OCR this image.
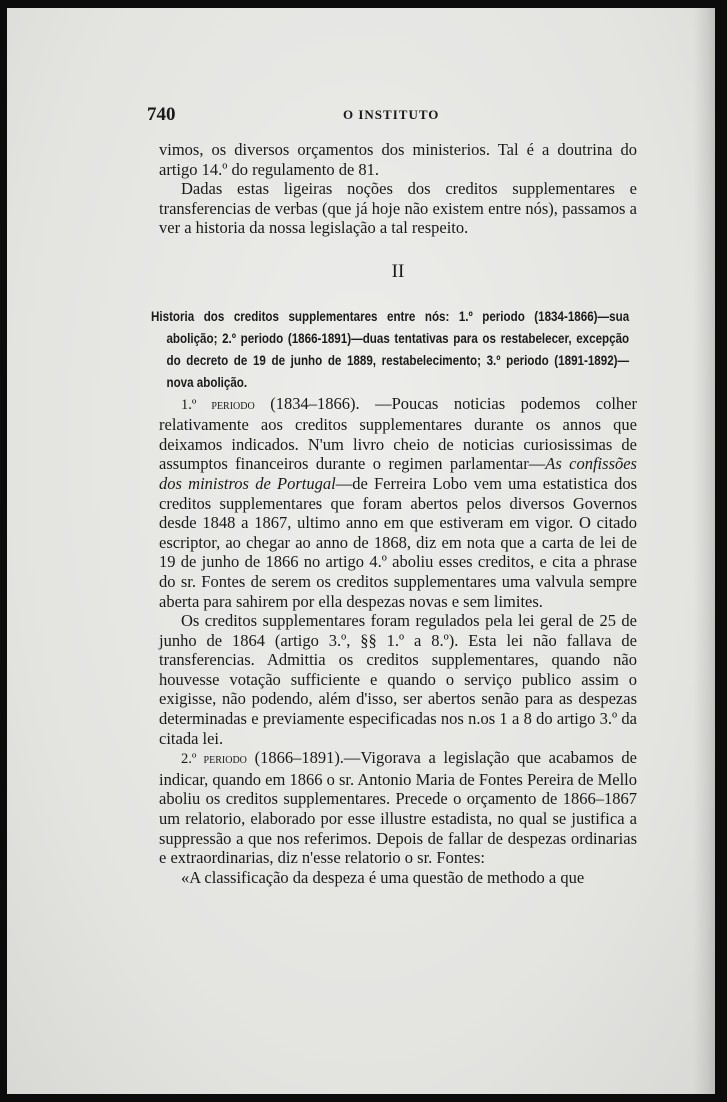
740	O INSTITUTO

vimos, os diversos orçamentos dos ministerios. Tal é a doutrina do artigo 14.º do regulamento de 81.

Dadas estas ligeiras noções dos creditos supplementares e transferencias de verbas (que já hoje não existem entre nós), passamos a ver a historia da nossa legislação a tal respeito.

II

Historia dos creditos supplementares entre nós: 1.º periodo (1834-1866)—sua abolição; 2.º periodo (1866-1891)—duas tentativas para os restabelecer, excepção do decreto de 19 de junho de 1889, restabelecimento; 3.º periodo (1891-1892)—nova abolição.

1.º periodo (1834–1866). —Poucas noticias podemos colher relativamente aos creditos supplementares durante os annos que deixamos indicados. N'um livro cheio de noticias curiosissimas de assumptos financeiros durante o regimen parlamentar—As confissões dos ministros de Portugal—de Ferreira Lobo vem uma estatistica dos creditos supplementares que foram abertos pelos diversos Governos desde 1848 a 1867, ultimo anno em que estiveram em vigor. O citado escriptor, ao chegar ao anno de 1868, diz em nota que a carta de lei de 19 de junho de 1866 no artigo 4.º aboliu esses creditos, e cita a phrase do sr. Fontes de serem os creditos supplementares uma valvula sempre aberta para sahirem por ella despezas novas e sem limites.

Os creditos supplementares foram regulados pela lei geral de 25 de junho de 1864 (artigo 3.º, §§ 1.º a 8.º). Esta lei não fallava de transferencias. Admittia os creditos supplementares, quando não houvesse votação sufficiente e quando o serviço publico assim o exigisse, não podendo, além d'isso, ser abertos senão para as despezas determinadas e previamente especificadas nos n.os 1 a 8 do artigo 3.º da citada lei.

2.º periodo (1866–1891).—Vigorava a legislação que acabamos de indicar, quando em 1866 o sr. Antonio Maria de Fontes Pereira de Mello aboliu os creditos supplementares. Precede o orçamento de 1866–1867 um relatorio, elaborado por esse illustre estadista, no qual se justifica a suppressão a que nos referimos. Depois de fallar de despezas ordinarias e extraordinarias, diz n'esse relatorio o sr. Fontes:

«A classificação da despeza é uma questão de methodo a que
